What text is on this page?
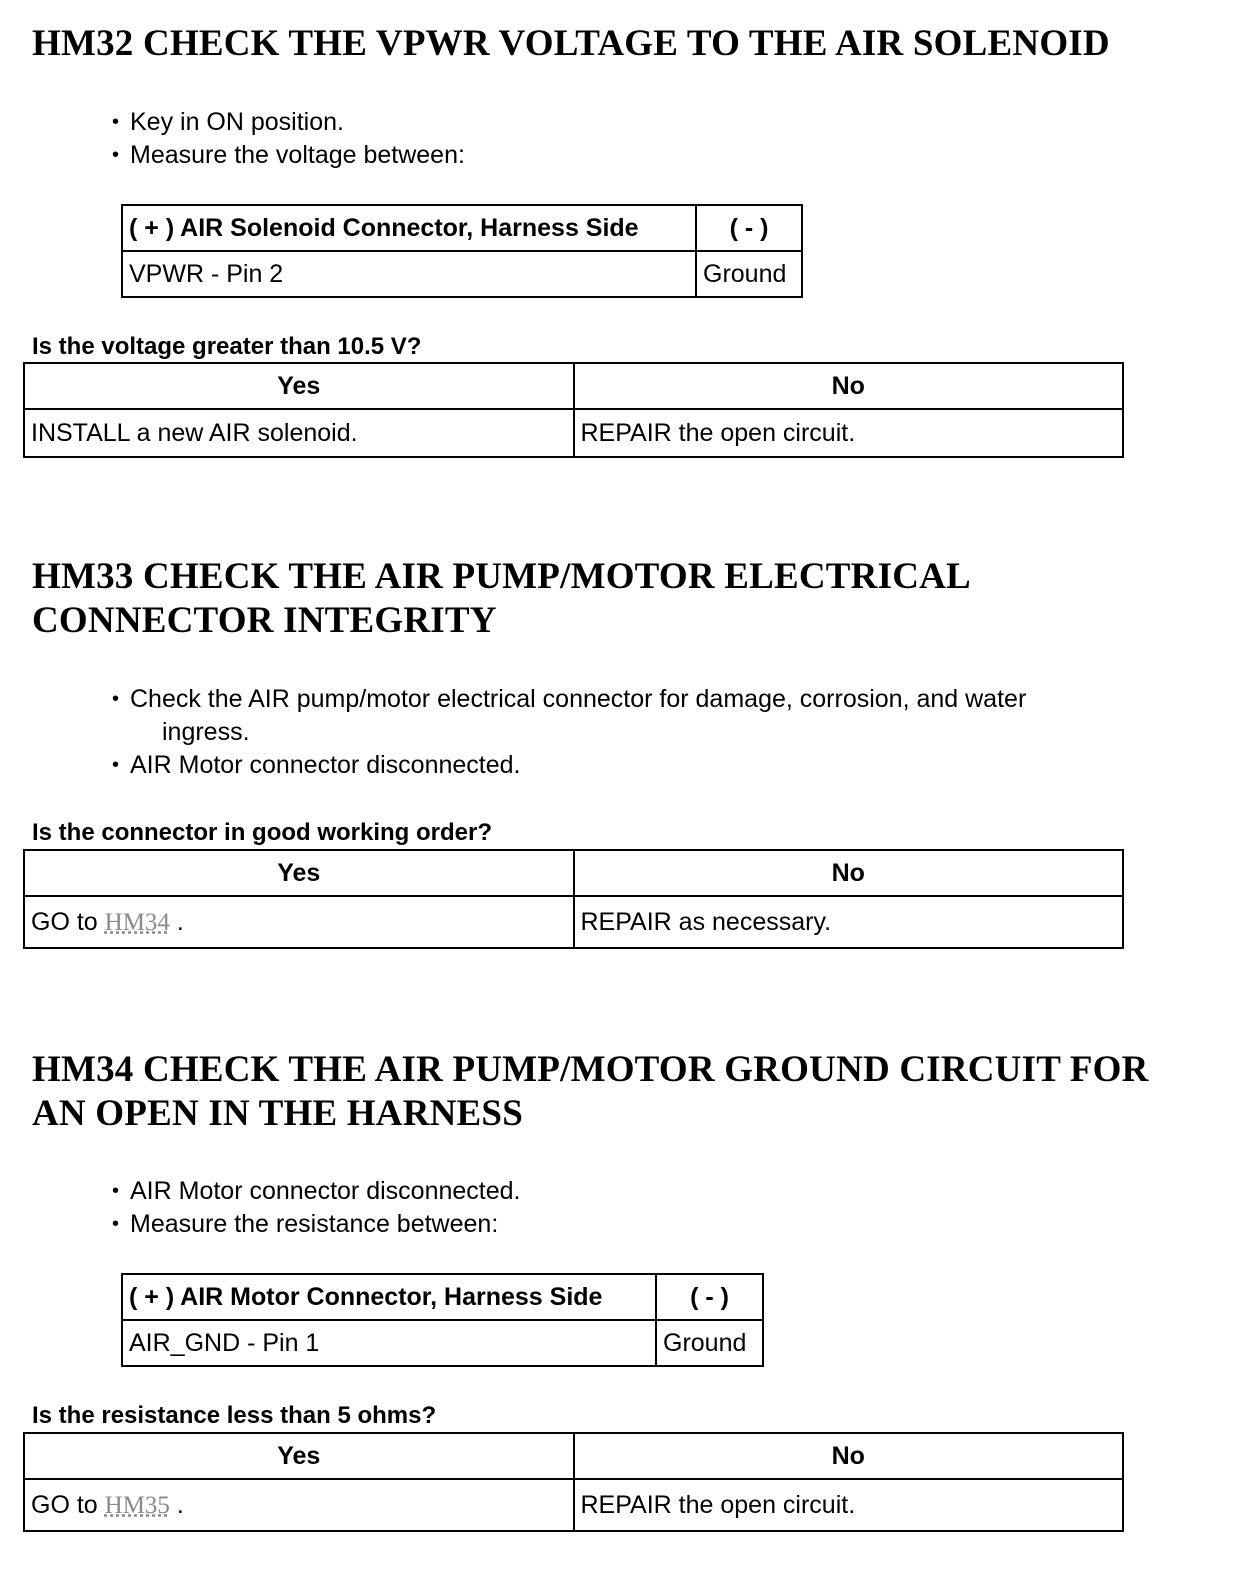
HM32 CHECK THE VPWR VOLTAGE TO THE AIR SOLENOID
• Key in ON position.
• Measure the voltage between:
( + ) AIR Solenoid Connector, Harness Side	( - )
VPWR - Pin 2	Ground

Is the voltage greater than 10.5 V?

Yes	No
INSTALL a new AIR solenoid.	REPAIR the open circuit.
HM33 CHECK THE AIR PUMP/MOTOR ELECTRICAL
CONNECTOR INTEGRITY
• Check the AIR pump/motor electrical connector for damage, corrosion, and water
ingress.
• AIR Motor connector disconnected.

Is the connector in good working order?

Yes	No
GO to HM34 .	REPAIR as necessary.
HM34 CHECK THE AIR PUMP/MOTOR GROUND CIRCUIT FOR
AN OPEN IN THE HARNESS
• AIR Motor connector disconnected.
• Measure the resistance between:
( + ) AIR Motor Connector, Harness Side	( - )
AIR_GND - Pin 1	Ground

Is the resistance less than 5 ohms?

Yes	No
GO to HM35 .	REPAIR the open circuit.
